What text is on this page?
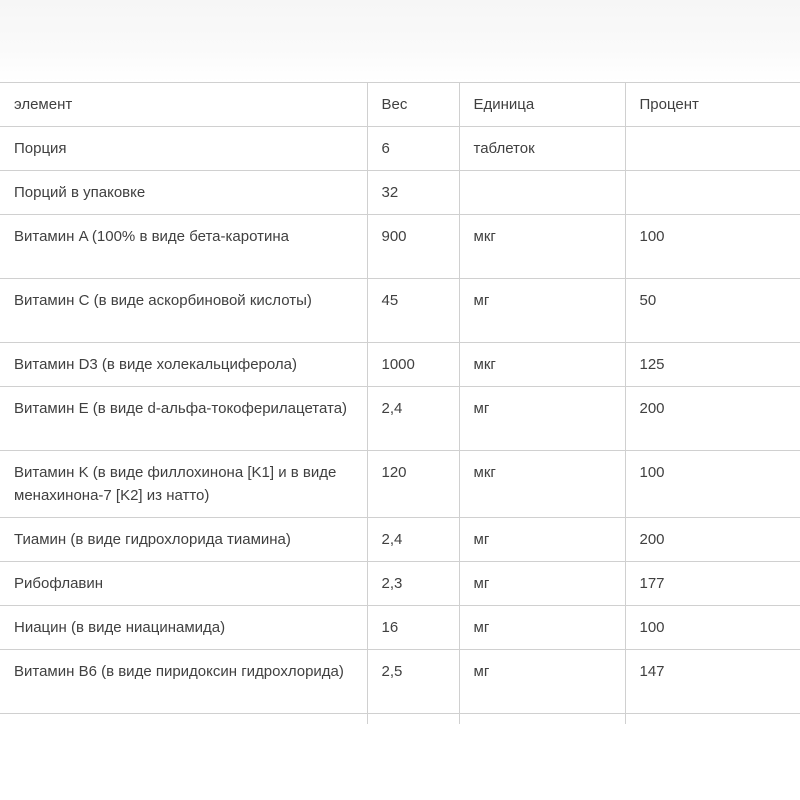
элемент	Вес	Единица	Процент
Порция	6	таблеток	
Порций в упаковке	32		
Витамин A (100% в виде бета-каротина	900	мкг	100
Витамин C (в виде аскорбиновой кислоты)	45	мг	50
Витамин D3 (в виде холекальциферола)	1000	мкг	125
Витамин E (в виде d-альфа-токоферилацетата)	2,4	мг	200
Витамин K (в виде филлохинона [K1] и в виде менахинона-7 [K2] из натто)	120	мкг	100
Тиамин (в виде гидрохлорида тиамина)	2,4	мг	200
Рибофлавин	2,3	мг	177
Ниацин (в виде ниацинамида)	16	мг	100
Витамин B6 (в виде пиридоксин гидрохлорида)	2,5	мг	147
